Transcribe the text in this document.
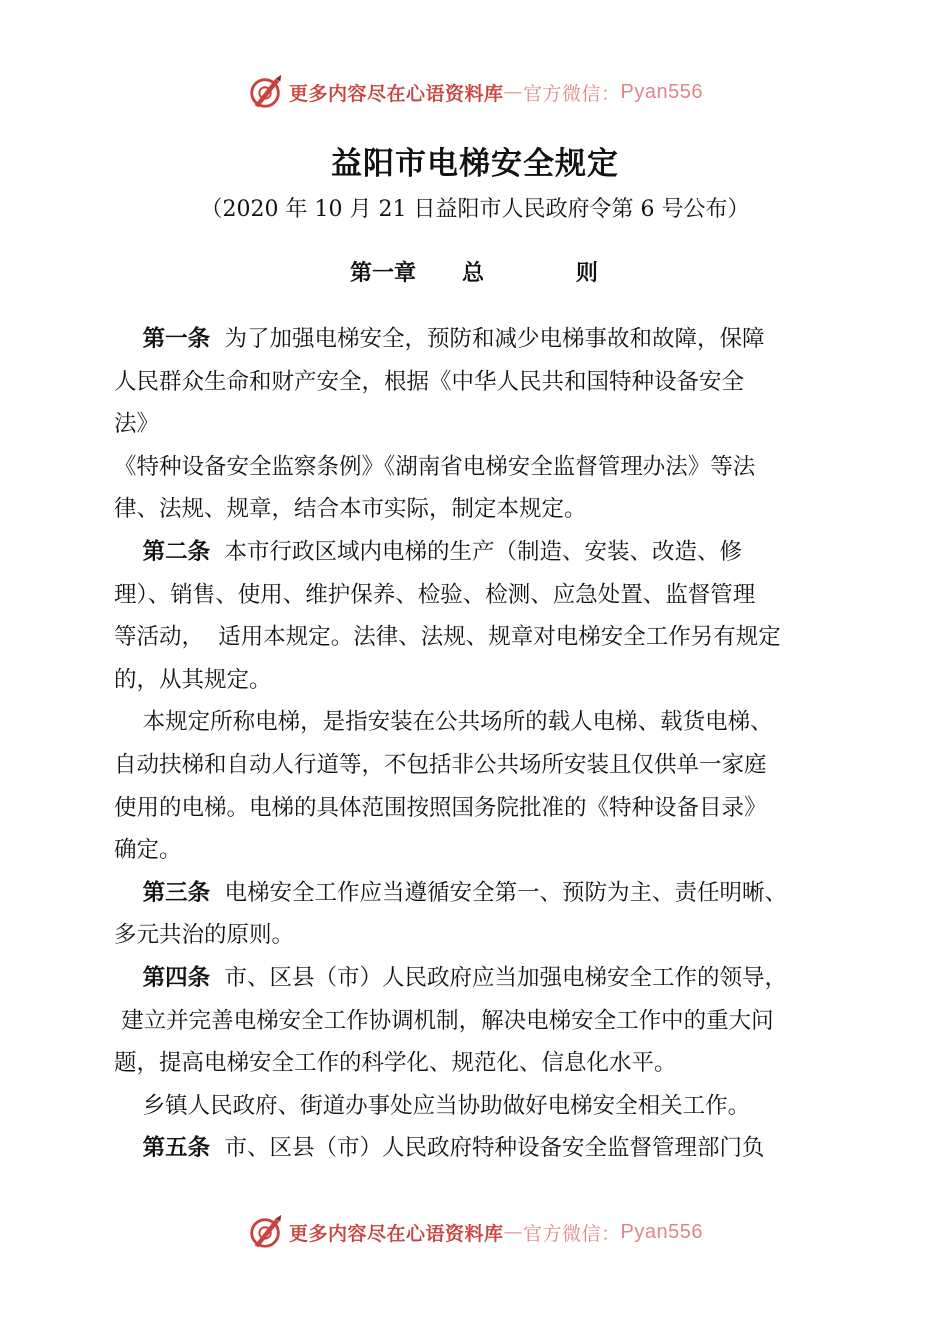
更多内容尽在心语资料库 — 官方微信： Pyan556
益阳市电梯安全规定

（2020 年 10 月 21 日益阳市人民政府令第 6 号公布）

第一章 总	则
第一条 为了加强电梯安全，预防和减少电梯事故和故障，保障
人民群众生命和财产安全，根据《中华人民共和国特种设备安全
法》
《特种设备安全监察条例》《湖南省电梯安全监督管理办法》等法
律、法规、规章，结合本市实际，制定本规定。
第二条 本市行政区域内电梯的生产（制造、安装、改造、修
理）、销售、使用、维护保养、检验、检测、应急处置、监督管理
等活动，  适用本规定。法律、法规、规章对电梯安全工作另有规定
的，从其规定。
本规定所称电梯，是指安装在公共场所的载人电梯、载货电梯、
自动扶梯和自动人行道等，不包括非公共场所安装且仅供单一家庭
使用的电梯。电梯的具体范围按照国务院批准的《特种设备目录》
确定。
第三条 电梯安全工作应当遵循安全第一、预防为主、责任明晰、
多元共治的原则。
第四条 市、区县（市）人民政府应当加强电梯安全工作的领导，
建立并完善电梯安全工作协调机制，解决电梯安全工作中的重大问
题，提高电梯安全工作的科学化、规范化、信息化水平。
乡镇人民政府、街道办事处应当协助做好电梯安全相关工作。
第五条 市、区县（市）人民政府特种设备安全监督管理部门负
更多内容尽在心语资料库 — 官方微信： Pyan556
